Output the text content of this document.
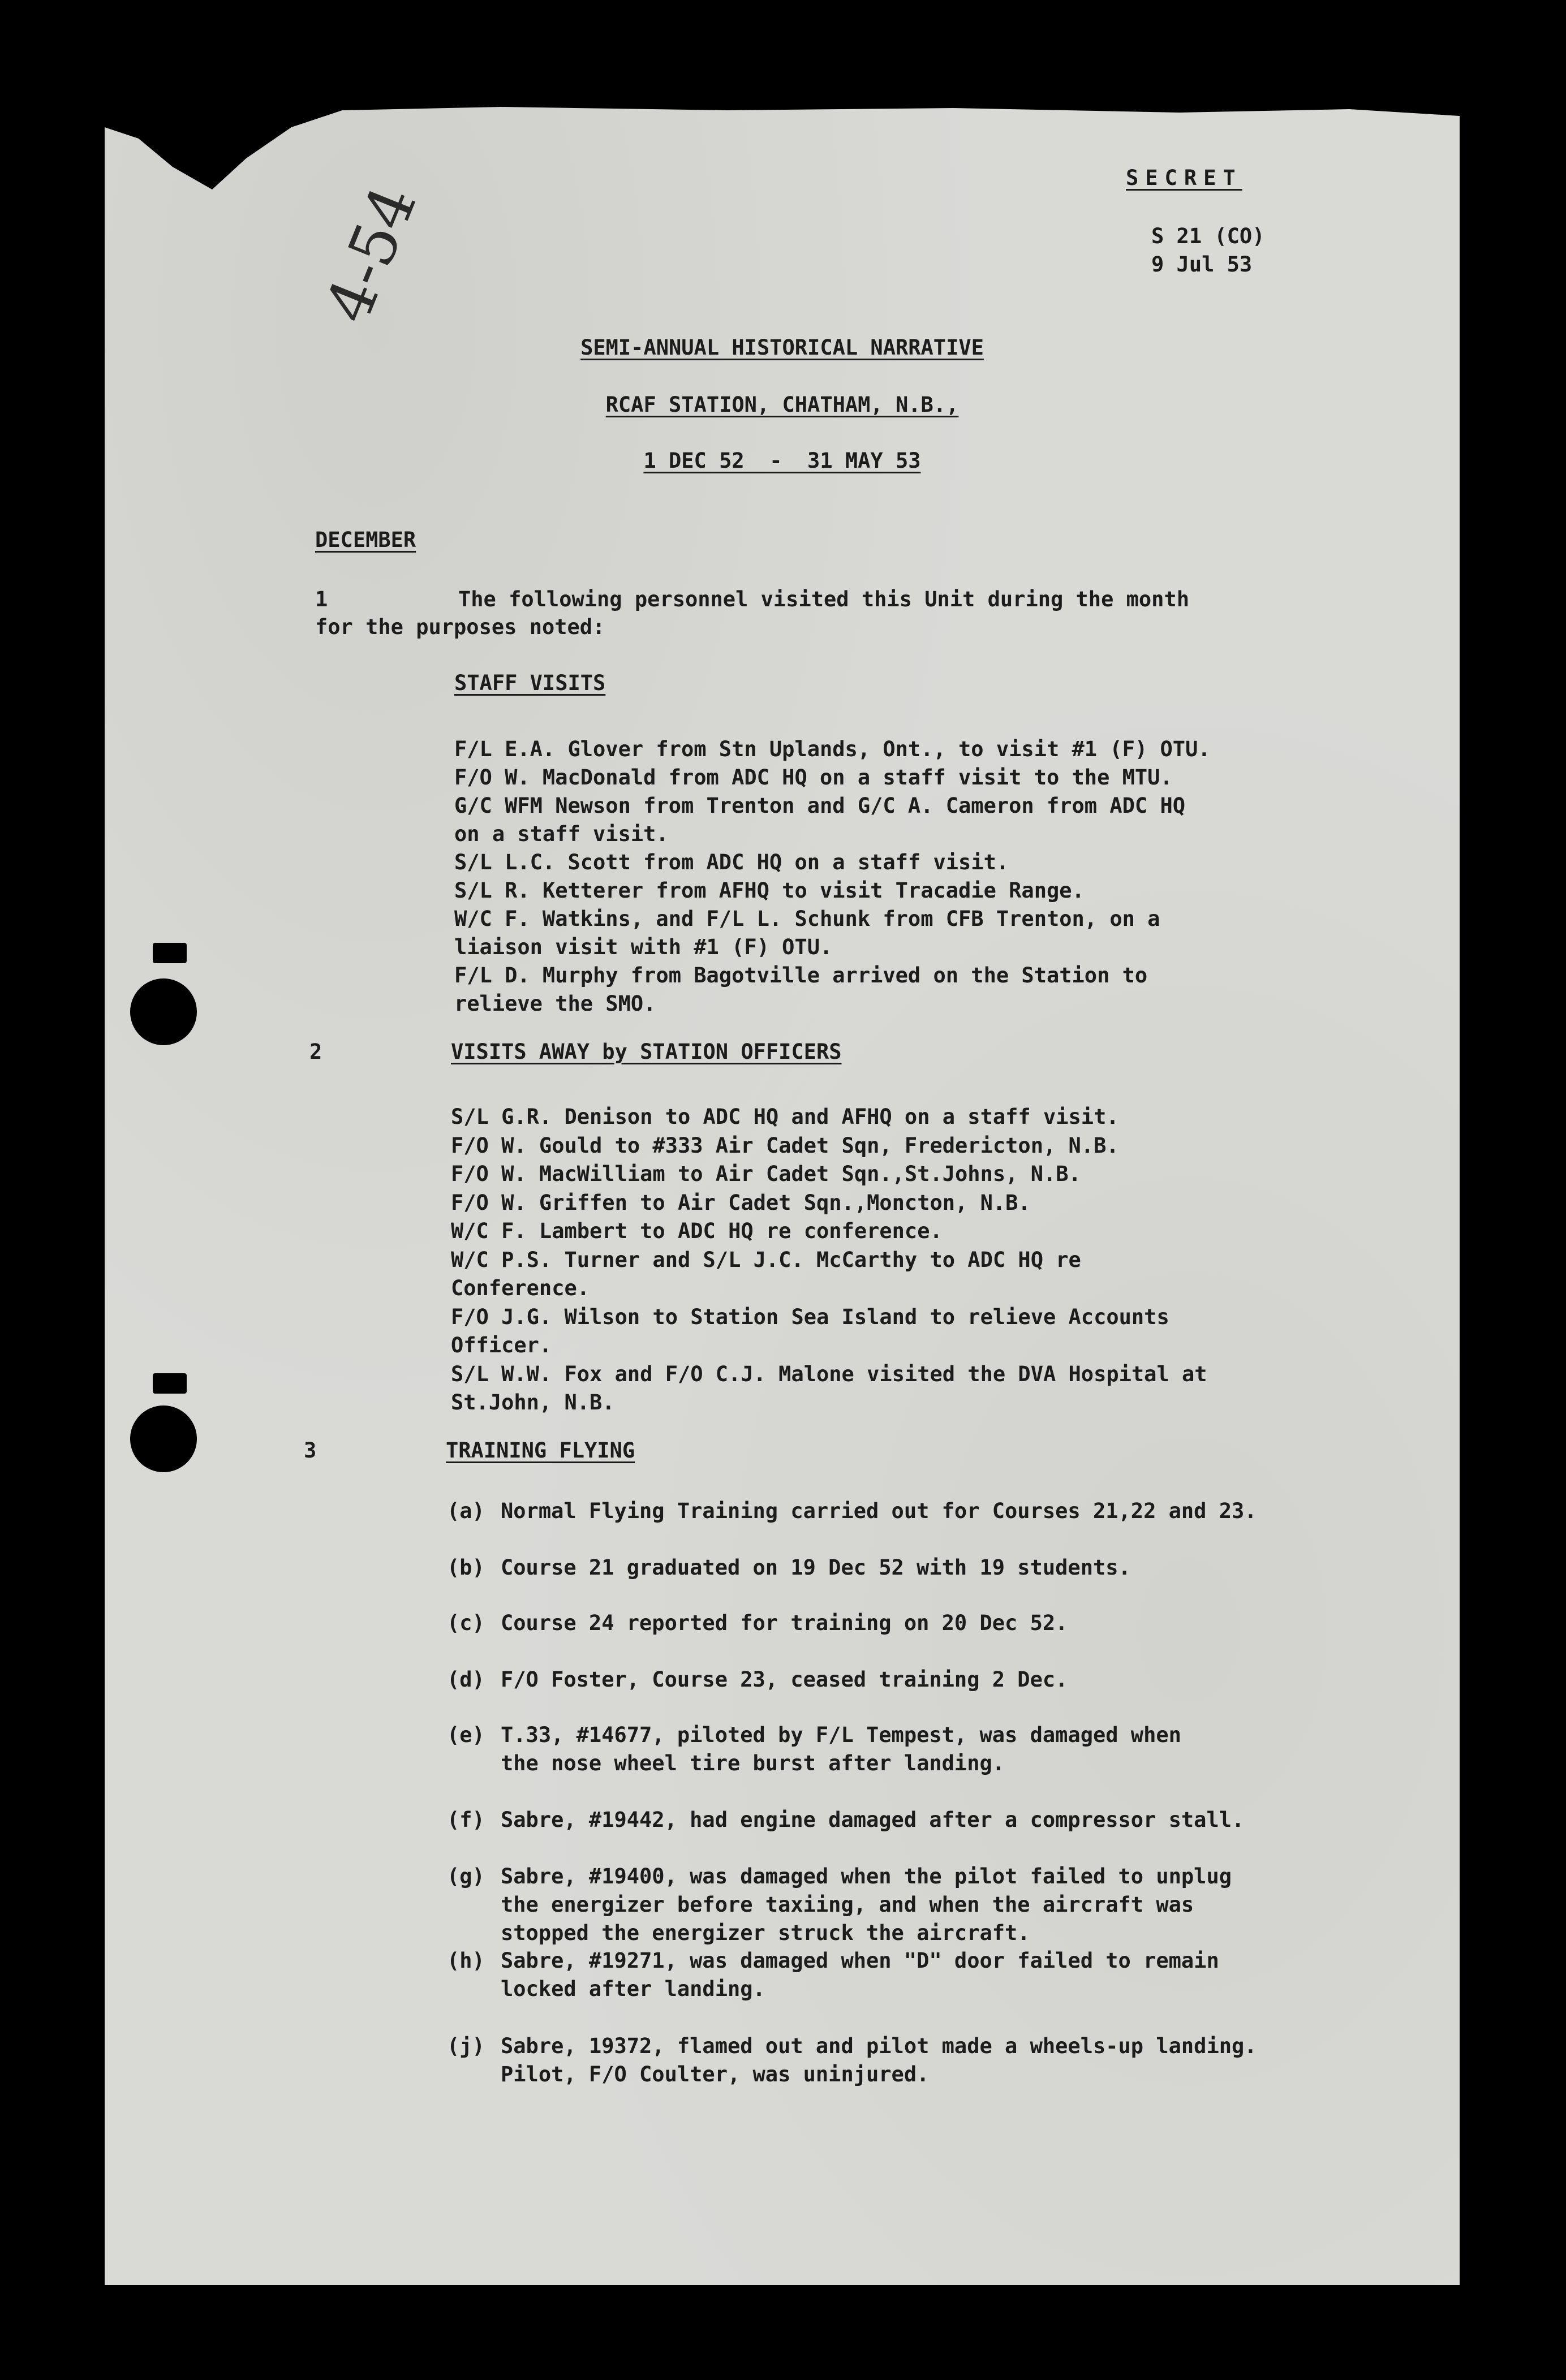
4-54	SECRET
S 21 (CO)
9 Jul 53
SEMI-ANNUAL HISTORICAL NARRATIVE
RCAF STATION, CHATHAM, N.B.,
1 DEC 52  -  31 MAY 53
DECEMBER
1	The following personnel visited this Unit during the month
for the purposes noted:
STAFF VISITS
F/L E.A. Glover from Stn Uplands, Ont., to visit #1 (F) OTU.
F/O W. MacDonald from ADC HQ on a staff visit to the MTU.
G/C WFM Newson from Trenton and G/C A. Cameron from ADC HQ
on a staff visit.
S/L L.C. Scott from ADC HQ on a staff visit.
S/L R. Ketterer from AFHQ to visit Tracadie Range.
W/C F. Watkins, and F/L L. Schunk from CFB Trenton, on a
liaison visit with #1 (F) OTU.
F/L D. Murphy from Bagotville arrived on the Station to
relieve the SMO.
2	VISITS AWAY by STATION OFFICERS
S/L G.R. Denison to ADC HQ and AFHQ on a staff visit.
F/O W. Gould to #333 Air Cadet Sqn, Fredericton, N.B.
F/O W. MacWilliam to Air Cadet Sqn.,St.Johns, N.B.
F/O W. Griffen to Air Cadet Sqn.,Moncton, N.B.
W/C F. Lambert to ADC HQ re conference.
W/C P.S. Turner and S/L J.C. McCarthy to ADC HQ re
Conference.
F/O J.G. Wilson to Station Sea Island to relieve Accounts
Officer.
S/L W.W. Fox and F/O C.J. Malone visited the DVA Hospital at
St.John, N.B.
3	TRAINING FLYING
(a) Normal Flying Training carried out for Courses 21,22 and 23.
(b) Course 21 graduated on 19 Dec 52 with 19 students.
(c) Course 24 reported for training on 20 Dec 52.
(d) F/O Foster, Course 23, ceased training 2 Dec.
(e) T.33, #14677, piloted by F/L Tempest, was damaged when
the nose wheel tire burst after landing.
(f) Sabre, #19442, had engine damaged after a compressor stall.
(g) Sabre, #19400, was damaged when the pilot failed to unplug
the energizer before taxiing, and when the aircraft was
stopped the energizer struck the aircraft.
(h) Sabre, #19271, was damaged when "D" door failed to remain
locked after landing.
(j) Sabre, 19372, flamed out and pilot made a wheels-up landing.
Pilot, F/O Coulter, was uninjured.
